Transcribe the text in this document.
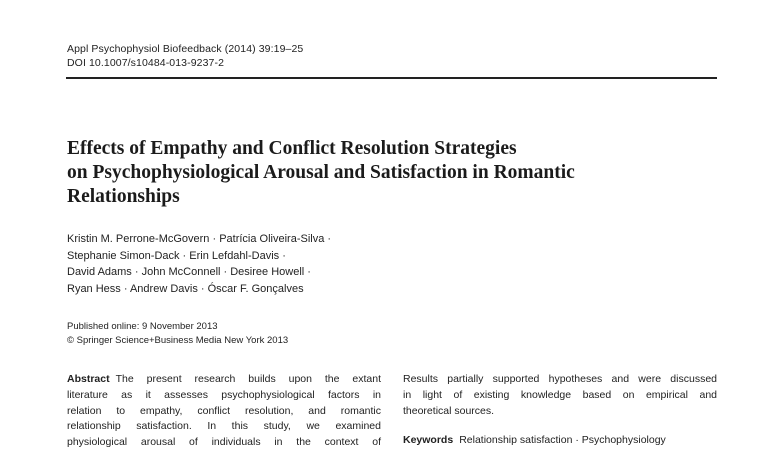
Appl Psychophysiol Biofeedback (2014) 39:19–25
DOI 10.1007/s10484-013-9237-2
Effects of Empathy and Conflict Resolution Strategies
on Psychophysiological Arousal and Satisfaction in Romantic
Relationships
Kristin M. Perrone-McGovern · Patrícia Oliveira-Silva ·
Stephanie Simon-Dack · Erin Lefdahl-Davis ·
David Adams · John McConnell · Desiree Howell ·
Ryan Hess · Andrew Davis · Óscar F. Gonçalves
Published online: 9 November 2013
© Springer Science+Business Media New York 2013
Abstract The present research builds upon the extant
literature as it assesses psychophysiological factors in
relation to empathy, conflict resolution, and romantic
relationship satisfaction. In this study, we examined
physiological arousal of individuals in the context of
Results partially supported hypotheses and were discussed
in light of existing knowledge based on empirical and
theoretical sources.
Keywords Relationship satisfaction · Psychophysiology
